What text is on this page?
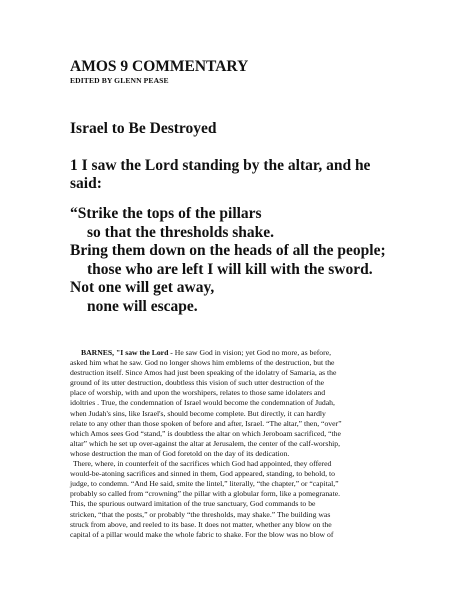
AMOS 9 COMMENTARY
EDITED BY GLENN PEASE
Israel to Be Destroyed
1 I saw the Lord standing by the altar, and he
said:
“Strike the tops of the pillars
so that the thresholds shake.
Bring them down on the heads of all the people;
those who are left I will kill with the sword.
Not one will get away,
none will escape.
BARNES, "I saw the Lord - He saw God in vision; yet God no more, as before,
asked him what he saw. God no longer shows him emblems of the destruction, but the
destruction itself. Since Amos had just been speaking of the idolatry of Samaria, as the
ground of its utter destruction, doubtless this vision of such utter destruction of the
place of worship, with and upon the worshipers, relates to those same idolaters and
idoltries . True, the condemnation of Israel would become the condemnation of Judah,
when Judah's sins, like Israel's, should become complete. But directly, it can hardly
relate to any other than those spoken of before and after, Israel. “The altar,” then, “over”
which Amos sees God “stand,” is doubtless the altar on which Jeroboam sacrificed, “the
altar” which he set up over-against the altar at Jerusalem, the center of the calf-worship,
whose destruction the man of God foretold on the day of its dedication.
There, where, in counterfeit of the sacrifices which God had appointed, they offered
would-be-atoning sacrifices and sinned in them, God appeared, standing, to behold, to
judge, to condemn. “And He said, smite the lintel,” literally, “the chapter,” or “capital,”
probably so called from “crowning” the pillar with a globular form, like a pomegranate.
This, the spurious outward imitation of the true sanctuary, God commands to be
stricken, “that the posts,” or probably “the thresholds, may shake.” The building was
struck from above, and reeled to its base. It does not matter, whether any blow on the
capital of a pillar would make the whole fabric to shake. For the blow was no blow of
